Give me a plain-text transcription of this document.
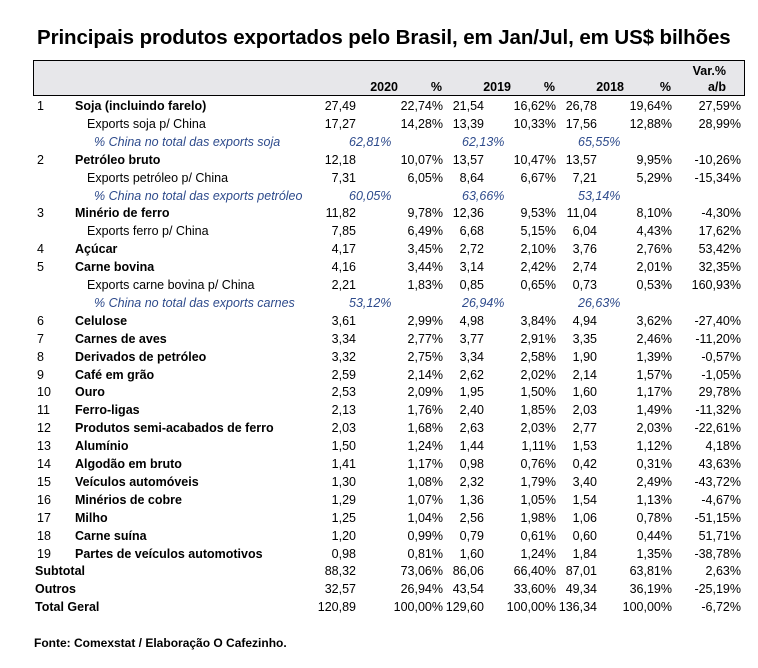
Principais produtos exportados pelo Brasil, em Jan/Jul, em US$ bilhões
2020	%	2019	%	2018	%
Var.%
a/b
1 Soja (incluindo farelo)	27,49	22,74% 21,54 16,62% 26,78	19,64% 27,59%
Exports soja p/ China	17,27	14,28% 13,39 10,33% 17,56	12,88% 28,99%
% China no total das exports soja	62,81%	62,13%	65,55%
2 Petróleo bruto	12,18	10,07% 13,57 10,47% 13,57	9,95% -10,26%
Exports petróleo p/ China	7,31	6,05% 8,64	6,67% 7,21	5,29% -15,34%
% China no total das exports petróleo	60,05%	63,66%	53,14%
3 Minério de ferro	11,82	9,78% 12,36	9,53% 11,04	8,10% -4,30%
Exports ferro p/ China	7,85	6,49% 6,68	5,15% 6,04	4,43% 17,62%
4 Açúcar	4,17	3,45% 2,72	2,10% 3,76	2,76% 53,42%
5 Carne bovina	4,16	3,44% 3,14	2,42% 2,74	2,01% 32,35%
Exports carne bovina p/ China	2,21	1,83% 0,85	0,65% 0,73	0,53% 160,93%
% China no total das exports carnes	53,12%	26,94%	26,63%
6 Celulose	3,61	2,99% 4,98	3,84% 4,94	3,62% -27,40%
7 Carnes de aves	3,34	2,77% 3,77	2,91% 3,35	2,46% -11,20%
8 Derivados de petróleo	3,32	2,75% 3,34	2,58% 1,90	1,39% -0,57%
9 Café em grão	2,59	2,14% 2,62	2,02% 2,14	1,57% -1,05%
10 Ouro	2,53	2,09% 1,95	1,50% 1,60	1,17% 29,78%
11 Ferro-ligas	2,13	1,76% 2,40	1,85% 2,03	1,49% -11,32%
12 Produtos semi-acabados de ferro	2,03	1,68% 2,63	2,03% 2,77	2,03% -22,61%
13 Alumínio	1,50	1,24% 1,44	1,11% 1,53	1,12%	4,18%
14 Algodão em bruto	1,41	1,17% 0,98	0,76% 0,42	0,31% 43,63%
15 Veículos automóveis	1,30	1,08% 2,32	1,79% 3,40	2,49% -43,72%
16 Minérios de cobre	1,29	1,07% 1,36	1,05% 1,54	1,13% -4,67%
17 Milho	1,25	1,04% 2,56	1,98% 1,06	0,78% -51,15%
18 Carne suína	1,20	0,99% 0,79	0,61% 0,60	0,44% 51,71%
19 Partes de veículos automotivos	0,98	0,81% 1,60	1,24% 1,84	1,35% -38,78%
Subtotal	88,32	73,06% 86,06 66,40% 87,01	63,81%	2,63%
Outros	32,57	26,94% 43,54 33,60% 49,34	36,19% -25,19%
Total Geral	120,89	100,00% 129,60 100,00% 136,34 100,00% -6,72%
Fonte: Comexstat / Elaboração O Cafezinho.
